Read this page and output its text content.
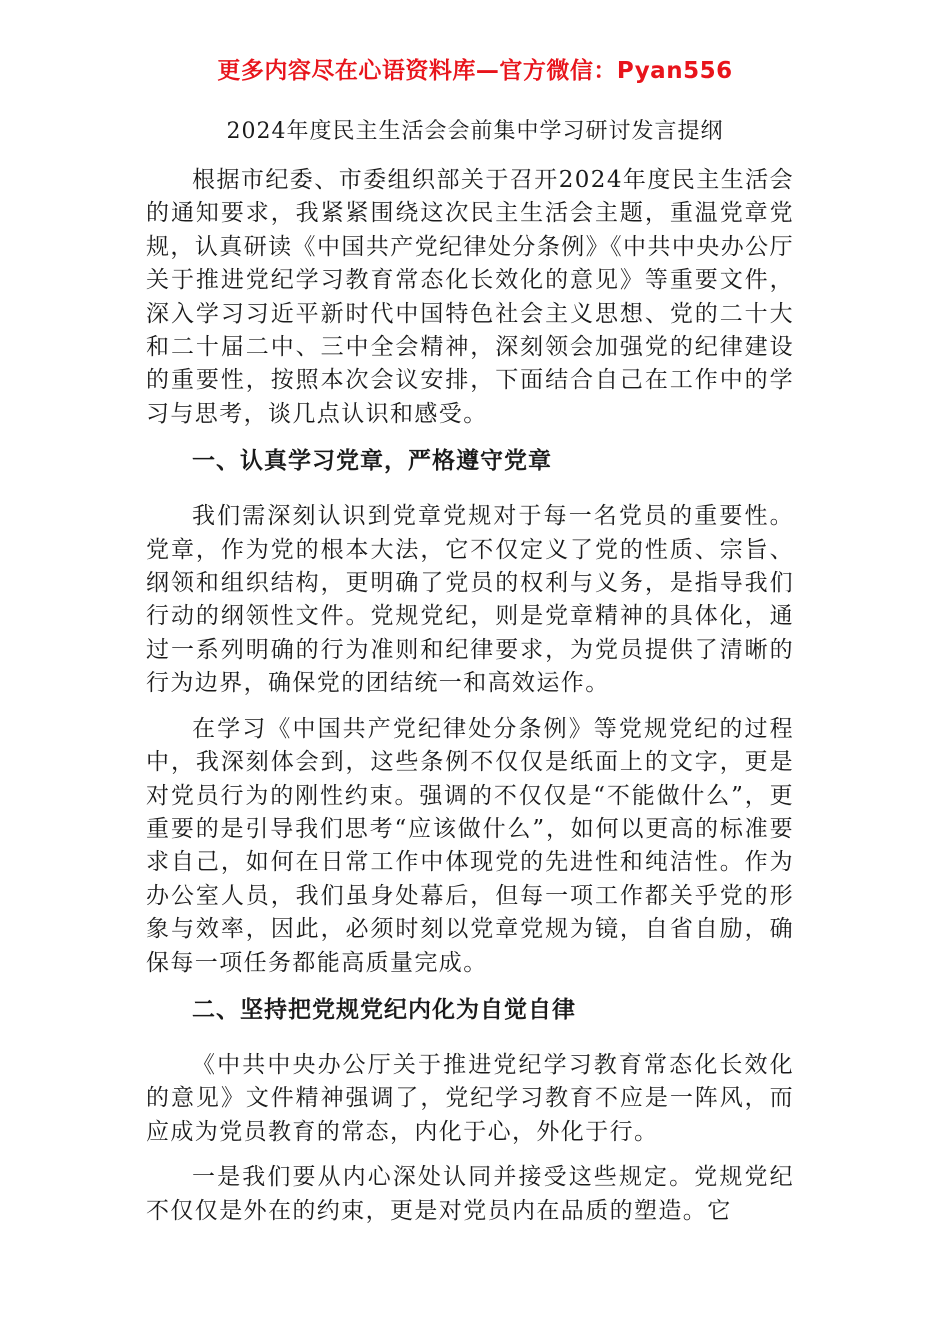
更多内容尽在心语资料库—官方微信：Pyan556
2024年度民主生活会会前集中学习研讨发言提纲

根据市纪委、市委组织部关于召开2024年度民主生活会的通知要求，我紧紧围绕这次民主生活会主题，重温党章党规，认真研读《中国共产党纪律处分条例》《中共中央办公厅关于推进党纪学习教育常态化长效化的意见》等重要文件，深入学习习近平新时代中国特色社会主义思想、党的二十大和二十届二中、三中全会精神，深刻领会加强党的纪律建设的重要性，按照本次会议安排，下面结合自己在工作中的学习与思考，谈几点认识和感受。

一、认真学习党章，严格遵守党章

我们需深刻认识到党章党规对于每一名党员的重要性。党章，作为党的根本大法，它不仅定义了党的性质、宗旨、纲领和组织结构，更明确了党员的权利与义务，是指导我们行动的纲领性文件。党规党纪，则是党章精神的具体化，通过一系列明确的行为准则和纪律要求，为党员提供了清晰的行为边界，确保党的团结统一和高效运作。

在学习《中国共产党纪律处分条例》等党规党纪的过程中，我深刻体会到，这些条例不仅仅是纸面上的文字，更是对党员行为的刚性约束。强调的不仅仅是“不能做什么”，更重要的是引导我们思考“应该做什么”，如何以更高的标准要求自己，如何在日常工作中体现党的先进性和纯洁性。作为办公室人员，我们虽身处幕后，但每一项工作都关乎党的形象与效率，因此，必须时刻以党章党规为镜，自省自励，确保每一项任务都能高质量完成。

二、坚持把党规党纪内化为自觉自律

《中共中央办公厅关于推进党纪学习教育常态化长效化的意见》文件精神强调了，党纪学习教育不应是一阵风，而应成为党员教育的常态，内化于心，外化于行。

一是我们要从内心深处认同并接受这些规定。党规党纪不仅仅是外在的约束，更是对党员内在品质的塑造。它
